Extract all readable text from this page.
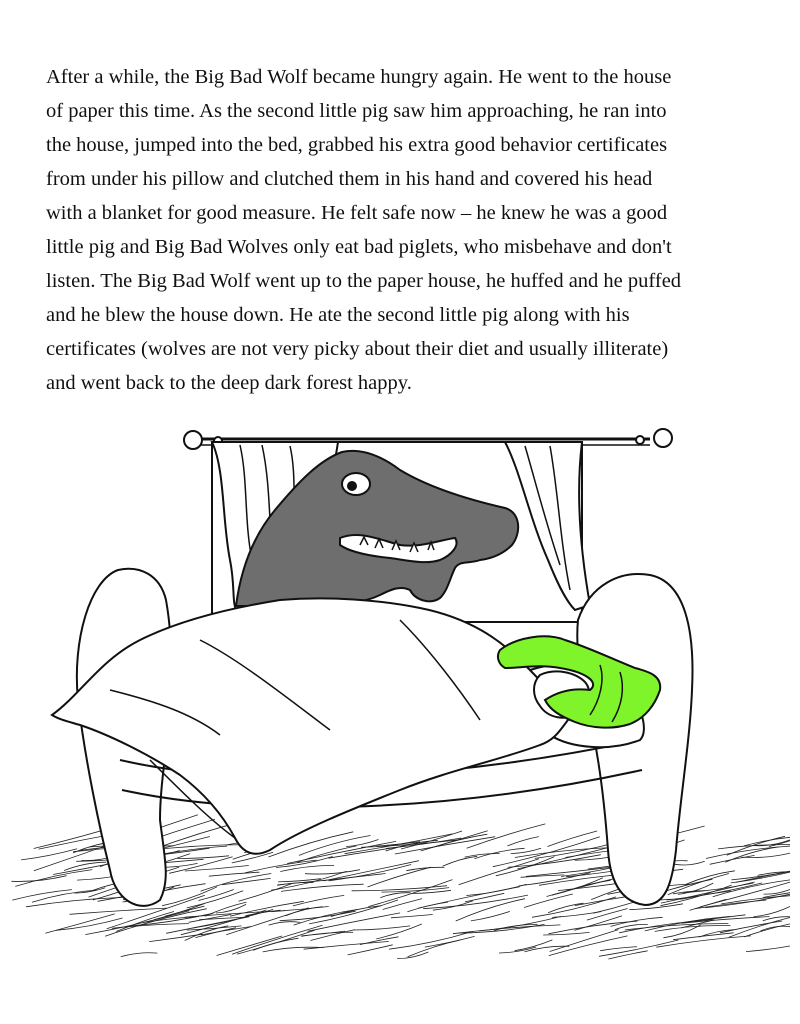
After a while, the Big Bad Wolf became hungry again. He went to the house
of paper this time. As the second little pig saw him approaching, he ran into
the house, jumped into the bed, grabbed his extra good behavior certificates
from under his pillow and clutched them in his hand and covered his head
with a blanket for good measure. He felt safe now – he knew he was a good
little pig and Big Bad Wolves only eat bad piglets, who misbehave and don't
listen. The Big Bad Wolf went up to the paper house, he huffed and he puffed
and he blew the house down. He ate the second little pig along with his
certificates (wolves are not very picky about their diet and usually illiterate)
and went back to the deep dark forest happy.
